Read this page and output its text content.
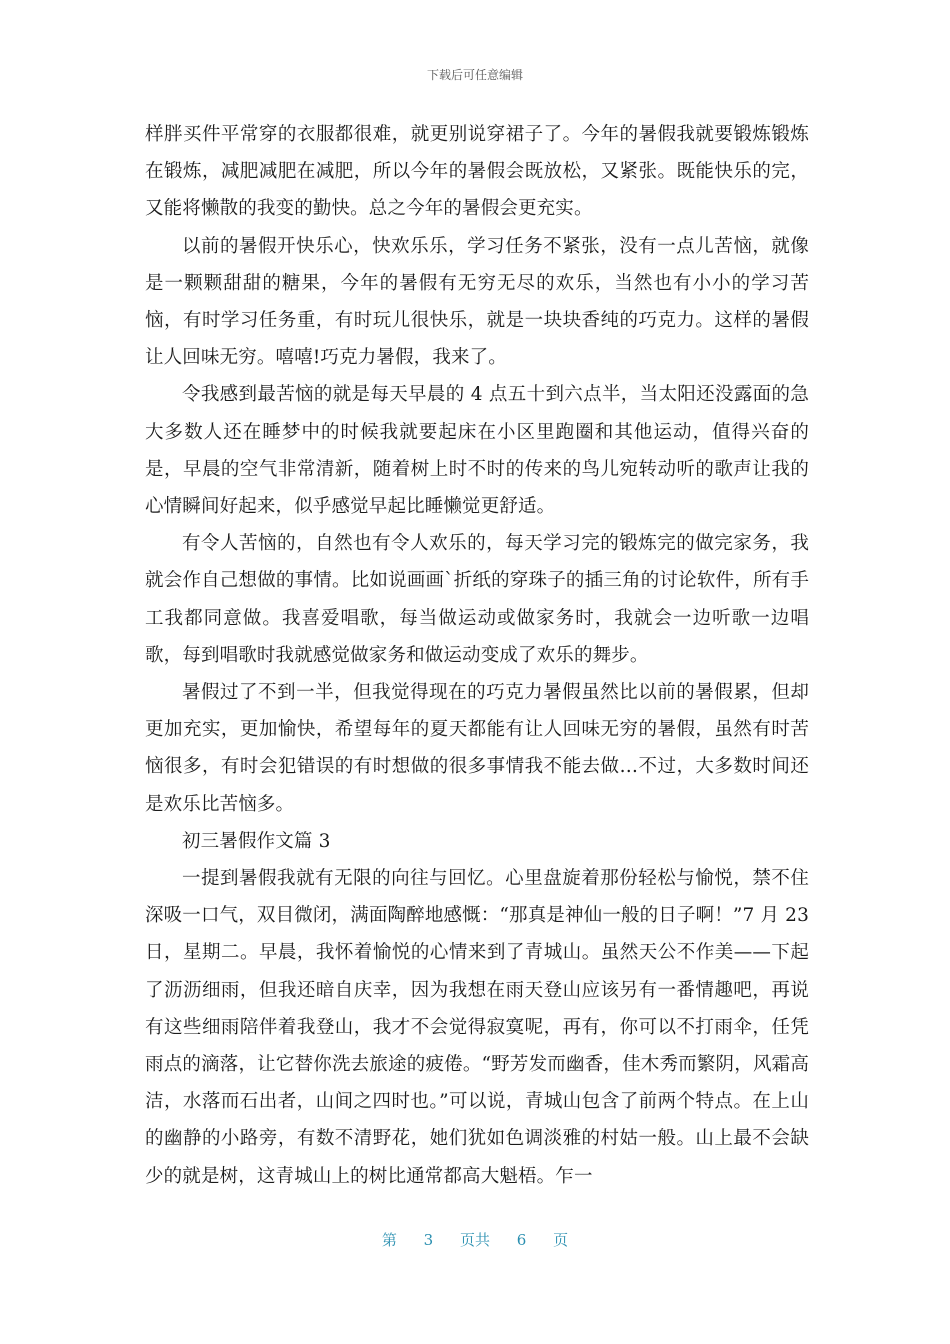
下载后可任意编辑

样胖买件平常穿的衣服都很难，就更别说穿裙子了。今年的暑假我就要锻炼锻炼在锻炼，减肥减肥在减肥，所以今年的暑假会既放松，又紧张。既能快乐的完，又能将懒散的我变的勤快。总之今年的暑假会更充实。

以前的暑假开快乐心，快欢乐乐，学习任务不紧张，没有一点儿苦恼，就像是一颗颗甜甜的糖果，今年的暑假有无穷无尽的欢乐，当然也有小小的学习苦恼，有时学习任务重，有时玩儿很快乐，就是一块块香纯的巧克力。这样的暑假让人回味无穷。嘻嘻!巧克力暑假，我来了。

令我感到最苦恼的就是每天早晨的 4 点五十到六点半，当太阳还没露面的急大多数人还在睡梦中的时候我就要起床在小区里跑圈和其他运动，值得兴奋的是，早晨的空气非常清新，随着树上时不时的传来的鸟儿宛转动听的歌声让我的心情瞬间好起来，似乎感觉早起比睡懒觉更舒适。

有令人苦恼的，自然也有令人欢乐的，每天学习完的锻炼完的做完家务，我就会作自己想做的事情。比如说画画`折纸的穿珠子的插三角的讨论软件，所有手工我都同意做。我喜爱唱歌，每当做运动或做家务时，我就会一边听歌一边唱歌，每到唱歌时我就感觉做家务和做运动变成了欢乐的舞步。

暑假过了不到一半，但我觉得现在的巧克力暑假虽然比以前的暑假累，但却更加充实，更加愉快，希望每年的夏天都能有让人回味无穷的暑假，虽然有时苦恼很多，有时会犯错误的有时想做的很多事情我不能去做…不过，大多数时间还是欢乐比苦恼多。

初三暑假作文篇 3

一提到暑假我就有无限的向往与回忆。心里盘旋着那份轻松与愉悦，禁不住深吸一口气，双目微闭，满面陶醉地感慨：“那真是神仙一般的日子啊！”7 月 23 日，星期二。早晨，我怀着愉悦的心情来到了青城山。虽然天公不作美——下起了沥沥细雨，但我还暗自庆幸，因为我想在雨天登山应该另有一番情趣吧，再说有这些细雨陪伴着我登山，我才不会觉得寂寞呢，再有，你可以不打雨伞，任凭雨点的滴落，让它替你洗去旅途的疲倦。“野芳发而幽香，佳木秀而繁阴，风霜高洁，水落而石出者，山间之四时也。”可以说，青城山包含了前两个特点。在上山的幽静的小路旁，有数不清野花，她们犹如色调淡雅的村姑一般。山上最不会缺少的就是树，这青城山上的树比通常都高大魁梧。乍一

第 3 页共 6 页
